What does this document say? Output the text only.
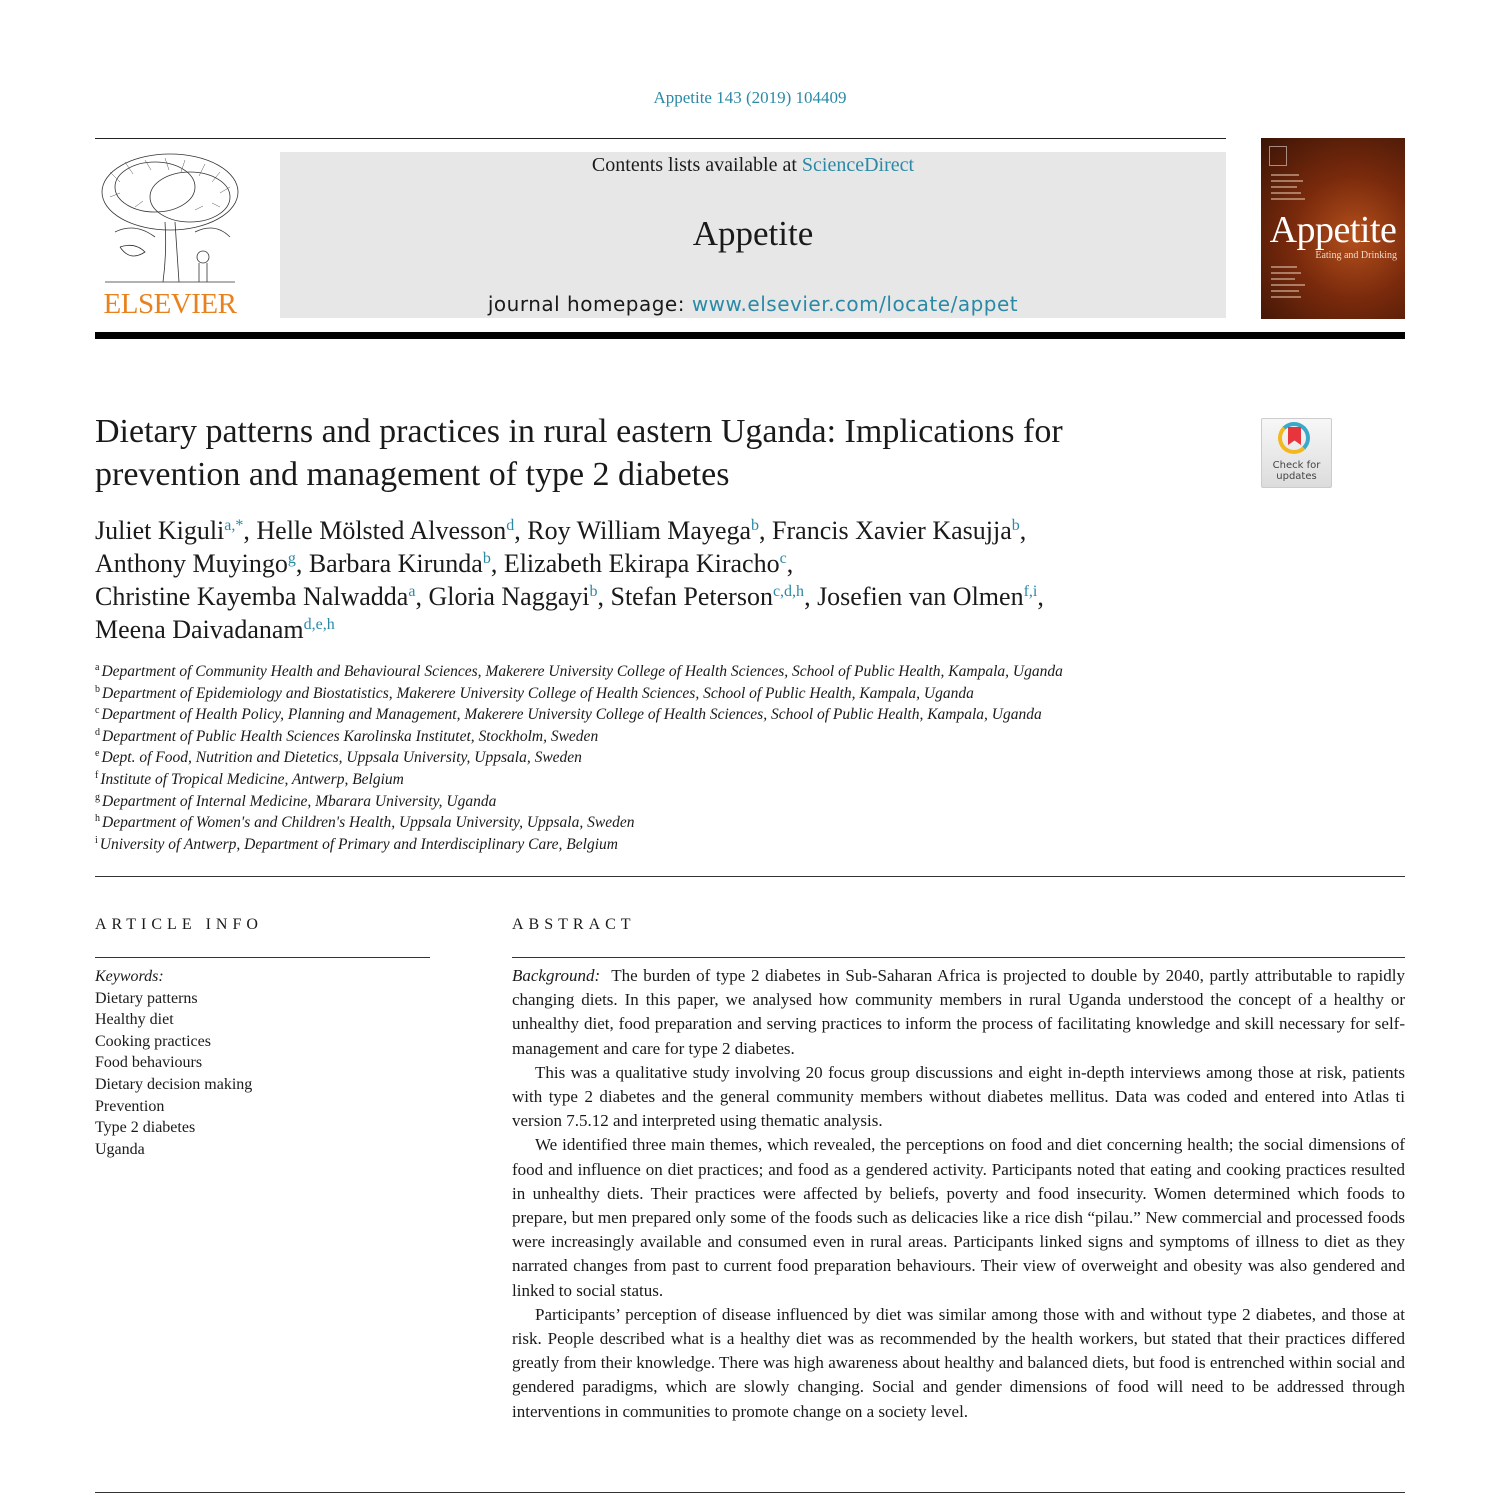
Appetite 143 (2019) 104409
ELSEVIER
Contents lists available at ScienceDirect
Appetite
journal homepage: www.elsevier.com/locate/appet
Appetite
Eating and Drinking
Dietary patterns and practices in rural eastern Uganda: Implications for prevention and management of type 2 diabetes	Check for
updates
Juliet Kiguli$^{a,*}$, Helle Mölsted Alvesson$^d$, Roy William Mayega$^b$, Francis Xavier Kasujja$^b$,
Anthony Muyingo$^g$, Barbara Kirunda$^b$, Elizabeth Ekirapa Kiracho$^c$,
Christine Kayemba Nalwadda$^a$, Gloria Naggayi$^b$, Stefan Peterson$^{c,d,h}$, Josefien van Olmen$^{f,i}$,
Meena Daivadanam$^{d,e,h}$
$^a$ Department of Community Health and Behavioural Sciences, Makerere University College of Health Sciences, School of Public Health, Kampala, Uganda
$^b$ Department of Epidemiology and Biostatistics, Makerere University College of Health Sciences, School of Public Health, Kampala, Uganda
$^c$ Department of Health Policy, Planning and Management, Makerere University College of Health Sciences, School of Public Health, Kampala, Uganda
$^d$ Department of Public Health Sciences Karolinska Institutet, Stockholm, Sweden
$^e$ Dept. of Food, Nutrition and Dietetics, Uppsala University, Uppsala, Sweden
$^f$ Institute of Tropical Medicine, Antwerp, Belgium
$^g$ Department of Internal Medicine, Mbarara University, Uganda
$^h$ Department of Women's and Children's Health, Uppsala University, Uppsala, Sweden
$^i$ University of Antwerp, Department of Primary and Interdisciplinary Care, Belgium
ARTICLE INFO	ABSTRACT
Keywords:
Dietary patterns
Healthy diet
Cooking practices
Food behaviours
Dietary decision making
Prevention
Type 2 diabetes
Uganda

Background: The burden of type 2 diabetes in Sub-Saharan Africa is projected to double by 2040, partly attributable to rapidly changing diets. In this paper, we analysed how community members in rural Uganda understood the concept of a healthy or unhealthy diet, food preparation and serving practices to inform the process of facilitating knowledge and skill necessary for self-management and care for type 2 diabetes.

This was a qualitative study involving 20 focus group discussions and eight in-depth interviews among those at risk, patients with type 2 diabetes and the general community members without diabetes mellitus. Data was coded and entered into Atlas ti version 7.5.12 and interpreted using thematic analysis.

We identified three main themes, which revealed, the perceptions on food and diet concerning health; the social dimensions of food and influence on diet practices; and food as a gendered activity. Participants noted that eating and cooking practices resulted in unhealthy diets. Their practices were affected by beliefs, poverty and food insecurity. Women determined which foods to prepare, but men prepared only some of the foods such as delicacies like a rice dish “pilau.” New commercial and processed foods were increasingly available and consumed even in rural areas. Participants linked signs and symptoms of illness to diet as they narrated changes from past to current food preparation behaviours. Their view of overweight and obesity was also gendered and linked to social status.

Participants’ perception of disease influenced by diet was similar among those with and without type 2 diabetes, and those at risk. People described what is a healthy diet was as recommended by the health workers, but stated that their practices differed greatly from their knowledge. There was high awareness about healthy and balanced diets, but food is entrenched within social and gendered paradigms, which are slowly changing. Social and gender dimensions of food will need to be addressed through interventions in communities to promote change on a society level.
